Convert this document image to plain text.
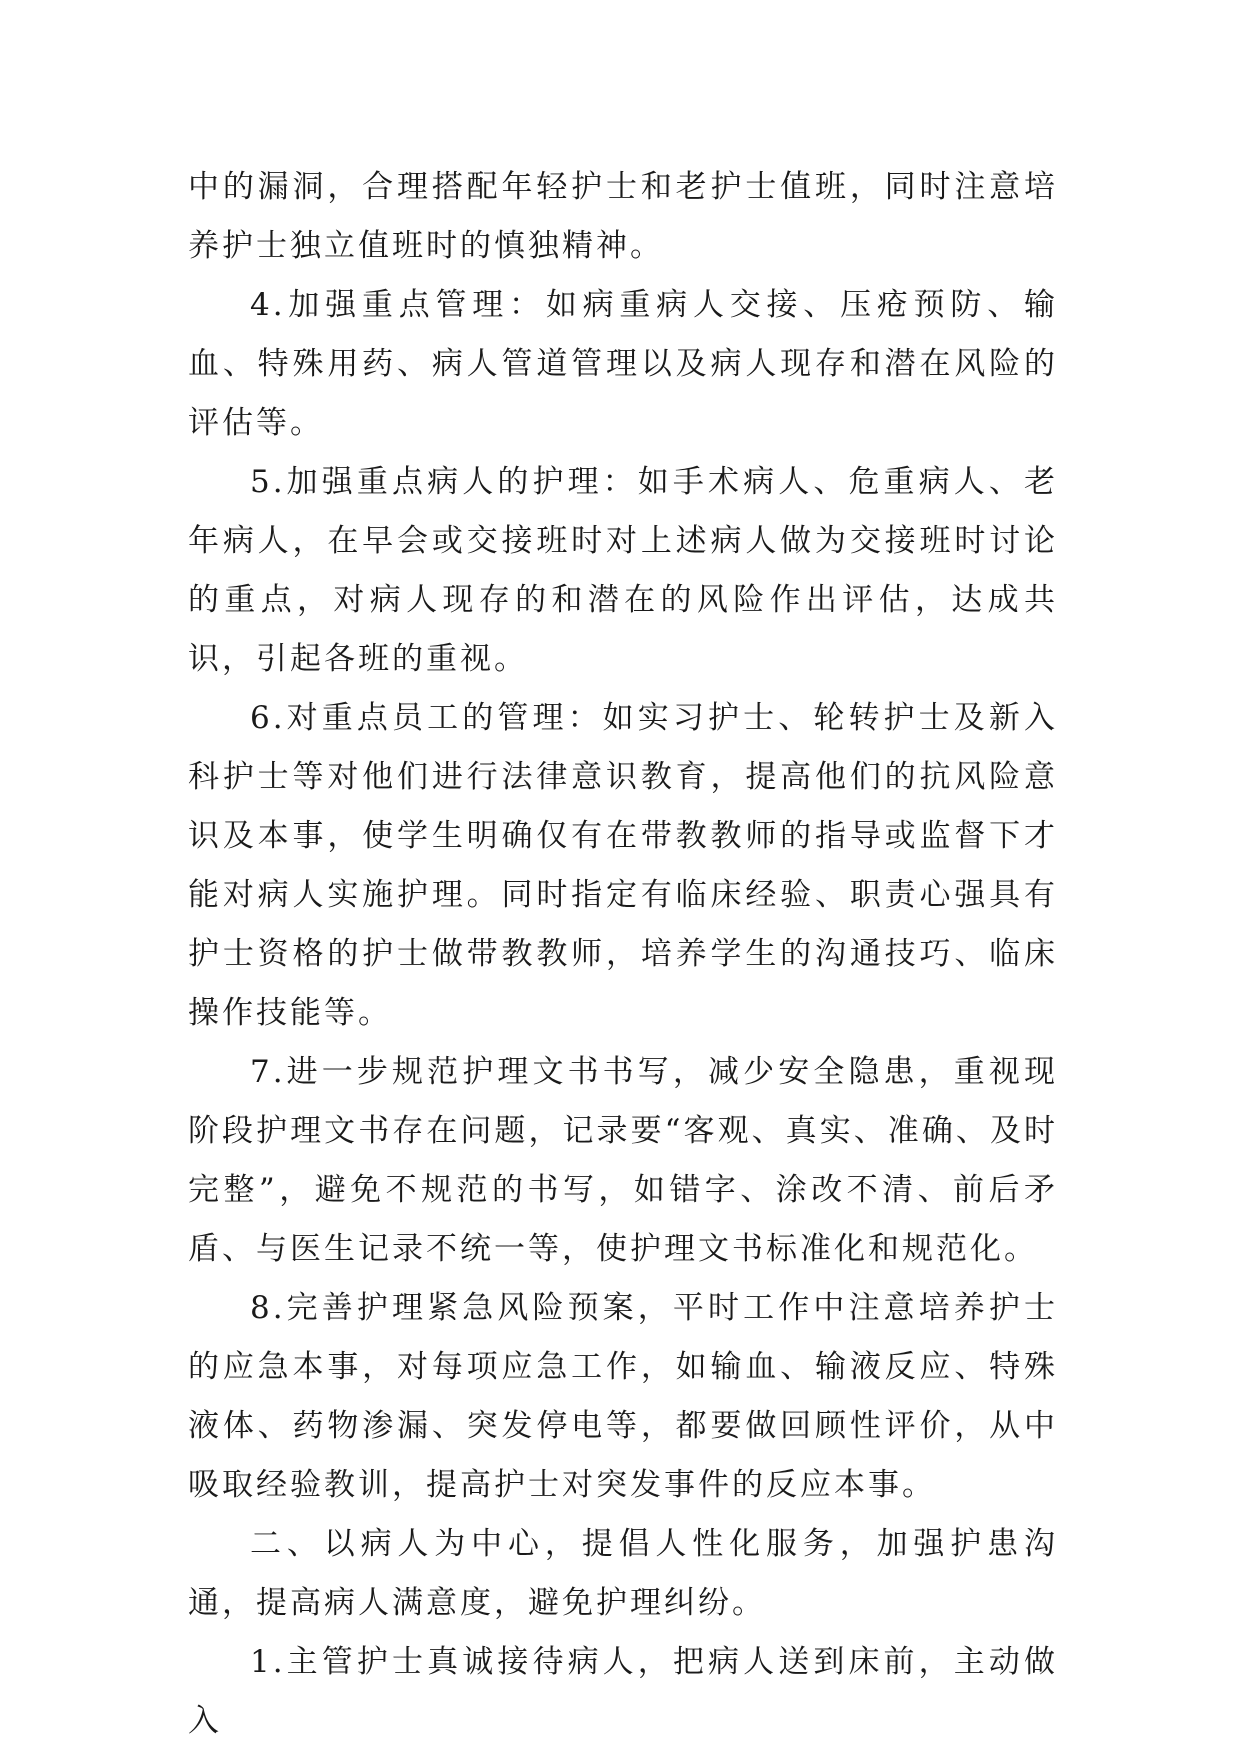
中的漏洞，合理搭配年轻护士和老护士值班，同时注意培养护士独立值班时的慎独精神。

4.加强重点管理：如病重病人交接、压疮预防、输血、特殊用药、病人管道管理以及病人现存和潜在风险的评估等。

5.加强重点病人的护理：如手术病人、危重病人、老年病人，在早会或交接班时对上述病人做为交接班时讨论的重点，对病人现存的和潜在的风险作出评估，达成共识，引起各班的重视。

6.对重点员工的管理：如实习护士、轮转护士及新入科护士等对他们进行法律意识教育，提高他们的抗风险意识及本事，使学生明确仅有在带教教师的指导或监督下才能对病人实施护理。同时指定有临床经验、职责心强具有护士资格的护士做带教教师，培养学生的沟通技巧、临床操作技能等。

7.进一步规范护理文书书写，减少安全隐患，重视现阶段护理文书存在问题，记录要“客观、真实、准确、及时完整”，避免不规范的书写，如错字、涂改不清、前后矛盾、与医生记录不统一等，使护理文书标准化和规范化。

8.完善护理紧急风险预案，平时工作中注意培养护士的应急本事，对每项应急工作，如输血、输液反应、特殊液体、药物渗漏、突发停电等，都要做回顾性评价，从中吸取经验教训，提高护士对突发事件的反应本事。

二、以病人为中心，提倡人性化服务，加强护患沟通，提高病人满意度，避免护理纠纷。

1.主管护士真诚接待病人，把病人送到床前，主动做入
